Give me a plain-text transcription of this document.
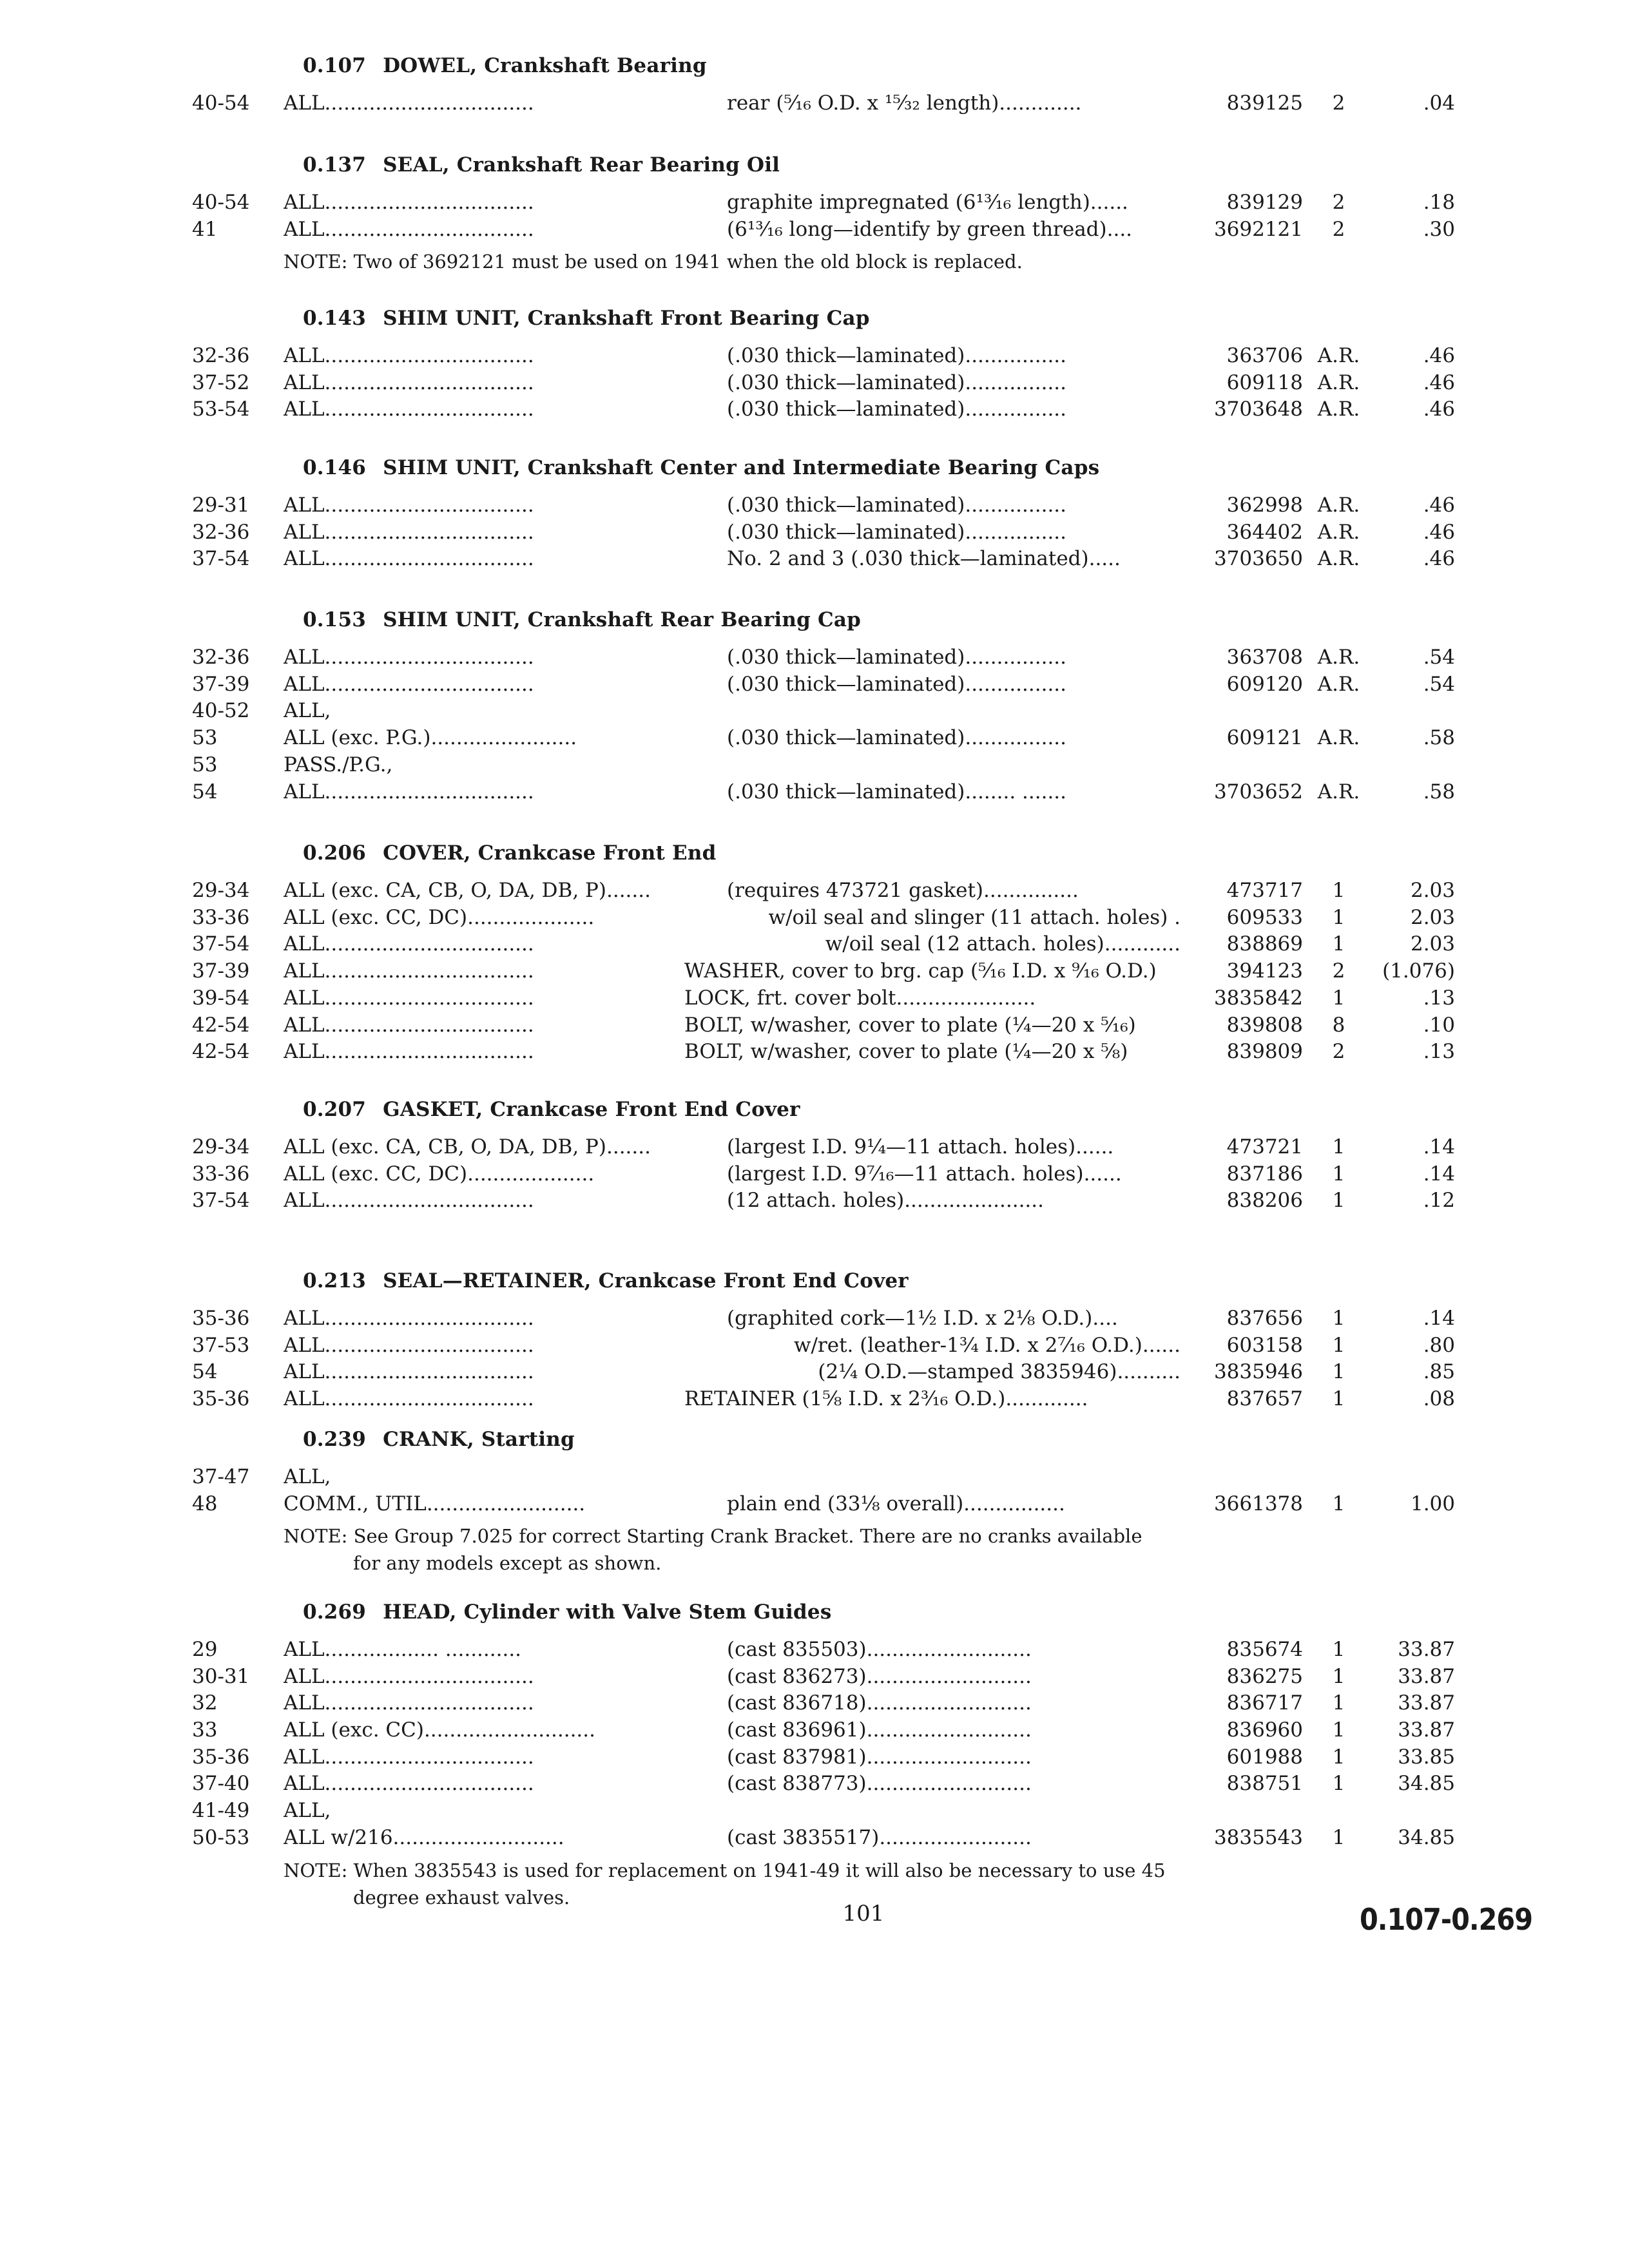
0.107 DOWEL, Crankshaft Bearing
40-54 ALL.................................	rear (⁵⁄₁₆ O.D. x ¹⁵⁄₃₂ length).............	839125	2	.04
0.137 SEAL, Crankshaft Rear Bearing Oil
40-54 ALL.................................	graphite impregnated (6¹³⁄₁₆ length)......	839129	2	.18
41	ALL.................................	(6¹³⁄₁₆ long—identify by green thread)....	3692121	2	.30
NOTE: Two of 3692121 must be used on 1941 when the old block is replaced.
0.143 SHIM UNIT, Crankshaft Front Bearing Cap
32-36 ALL.................................	(.030 thick—laminated)................	363706 A.R.	.46
37-52 ALL.................................	(.030 thick—laminated)................	609118 A.R.	.46
53-54 ALL.................................	(.030 thick—laminated)................	3703648 A.R.	.46
0.146 SHIM UNIT, Crankshaft Center and Intermediate Bearing Caps
29-31 ALL.................................	(.030 thick—laminated)................	362998 A.R.	.46
32-36 ALL.................................	(.030 thick—laminated)................	364402 A.R.	.46
37-54 ALL.................................	No. 2 and 3 (.030 thick—laminated).....	3703650 A.R.	.46
0.153 SHIM UNIT, Crankshaft Rear Bearing Cap
32-36 ALL.................................	(.030 thick—laminated)................	363708 A.R.	.54
37-39 ALL.................................	(.030 thick—laminated)................	609120 A.R.	.54
40-52 ALL,
53	ALL (exc. P.G.).......................	(.030 thick—laminated)................	609121 A.R.	.58
53	PASS./P.G.,
54	ALL.................................	(.030 thick—laminated)........ .......	3703652 A.R.	.58
0.206 COVER, Crankcase Front End
29-34 ALL (exc. CA, CB, O, DA, DB, P).......	(requires 473721 gasket)...............	473717	1	2.03
33-36 ALL (exc. CC, DC)....................	w/oil seal and slinger (11 attach. holes) .	609533	1	2.03
37-54 ALL.................................	w/oil seal (12 attach. holes)............	838869	1	2.03
37-39 ALL.................................	WASHER, cover to brg. cap (⁵⁄₁₆ I.D. x ⁹⁄₁₆ O.D.)	394123	2	(1.076)
39-54 ALL.................................	LOCK, frt. cover bolt......................	3835842	1	.13
42-54 ALL.................................	BOLT, w/washer, cover to plate (¼—20 x ⁵⁄₁₆)	839808	8	.10
42-54 ALL.................................	BOLT, w/washer, cover to plate (¼—20 x ⅝)	839809	2	.13
0.207 GASKET, Crankcase Front End Cover
29-34 ALL (exc. CA, CB, O, DA, DB, P).......	(largest I.D. 9¼—11 attach. holes)......	473721	1	.14
33-36 ALL (exc. CC, DC)....................	(largest I.D. 9⁷⁄₁₆—11 attach. holes)......	837186	1	.14
37-54 ALL.................................	(12 attach. holes)......................	838206	1	.12
0.213 SEAL—RETAINER, Crankcase Front End Cover
35-36 ALL.................................	(graphited cork—1½ I.D. x 2⅛ O.D.)....	837656	1	.14
37-53 ALL.................................	w/ret. (leather-1¾ I.D. x 2⁷⁄₁₆ O.D.)......	603158	1	.80
54	ALL.................................	(2¼ O.D.—stamped 3835946)..........	3835946	1	.85
35-36 ALL.................................	RETAINER (1⅝ I.D. x 2³⁄₁₆ O.D.).............	837657	1	.08
0.239 CRANK, Starting
37-47 ALL,
48	COMM., UTIL.........................	plain end (33⅛ overall)................	3661378	1	1.00
NOTE: See Group 7.025 for correct Starting Crank Bracket. There are no cranks available
for any models except as shown.
0.269 HEAD, Cylinder with Valve Stem Guides
29	ALL.................. ............	(cast 835503)..........................	835674	1	33.87
30-31 ALL.................................	(cast 836273)..........................	836275	1	33.87
32	ALL.................................	(cast 836718)..........................	836717	1	33.87
33	ALL (exc. CC)...........................	(cast 836961)..........................	836960	1	33.87
35-36 ALL.................................	(cast 837981)..........................	601988	1	33.85
37-40 ALL.................................	(cast 838773)..........................	838751	1	34.85
41-49 ALL,
50-53 ALL w/216...........................	(cast 3835517)........................	3835543	1	34.85
NOTE: When 3835543 is used for replacement on 1941-49 it will also be necessary to use 45
degree exhaust valves.
101	0.107-0.269
